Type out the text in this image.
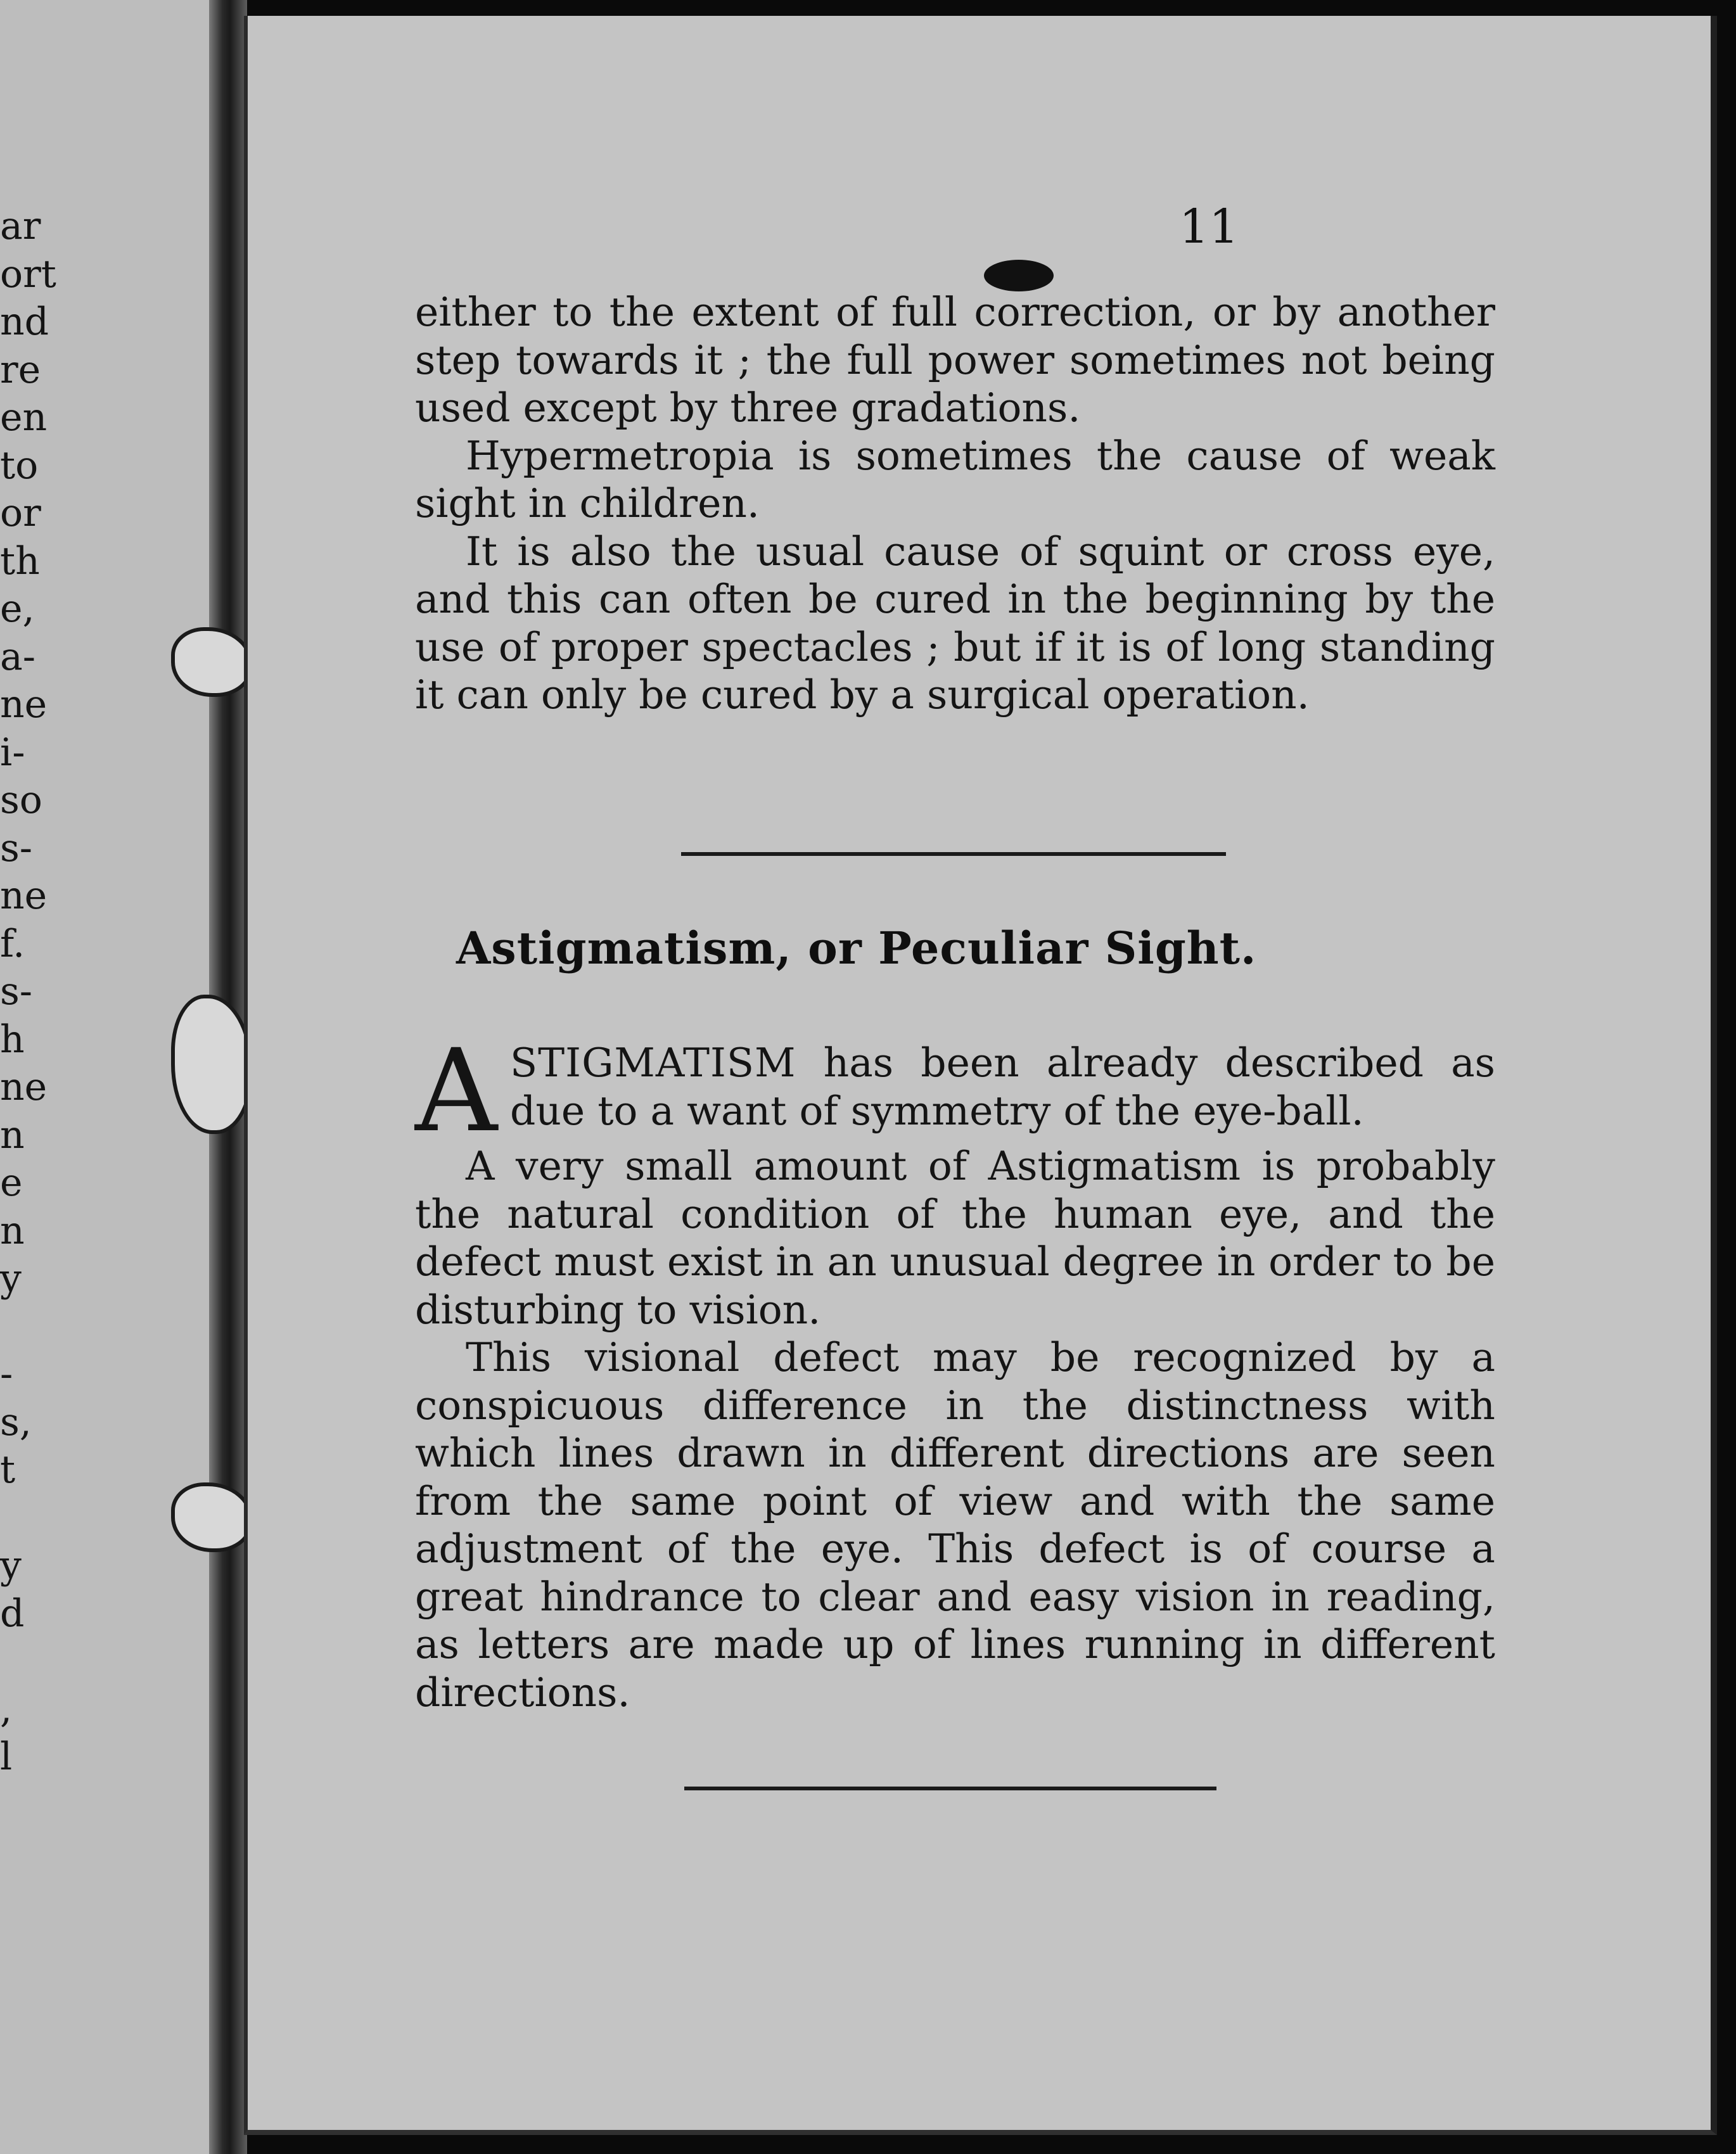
ar
ort
nd
re
en
to
or
th
e,
a-
ne
i-
so
s-
ne
f.
s-
h
ne
n
e
n
y

-
s,
t

y
d

,
l
11

either to the extent of full correction, or by another step towards it ; the full power sometimes not being used except by three gradations.

Hypermetropia is sometimes the cause of weak sight in children.

It is also the usual cause of squint or cross eye, and this can often be cured in the beginning by the use of proper spectacles ; but if it is of long standing it can only be cured by a surgical operation.

Astigmatism, or Peculiar Sight.
A STIGMATISM has been already described as due to a want of symmetry of the eye-ball.

A very small amount of Astigmatism is probably the natural condition of the human eye, and the defect must exist in an unusual degree in order to be disturbing to vision.

This visional defect may be recognized by a conspicuous difference in the distinctness with which lines drawn in different directions are seen from the same point of view and with the same adjustment of the eye. This defect is of course a great hindrance to clear and easy vision in reading, as letters are made up of lines running in different directions.
